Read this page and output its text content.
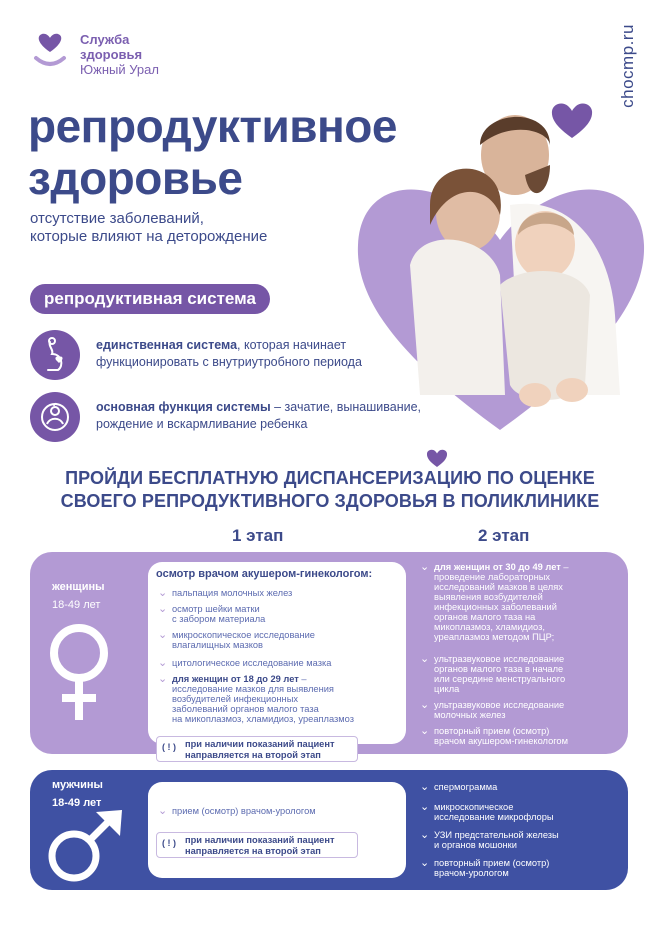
Служба
здоровья
Южный Урал	chocmp.ru
репродуктивное
здоровье
отсутствие заболеваний,
которые влияют на деторождение
репродуктивная система
единственная система, которая начинает
функционировать с внутриутробного периода
основная функция системы – зачатие, вынашивание,
рождение и вскармливание ребенка
ПРОЙДИ БЕСПЛАТНУЮ ДИСПАНСЕРИЗАЦИЮ ПО ОЦЕНКЕ
СВОЕГО РЕПРОДУКТИВНОГО ЗДОРОВЬЯ В ПОЛИКЛИНИКЕ
1 этап	2 этап
женщины
18-49 лет
осмотр врачом акушером-гинекологом:
⌄ пальпация молочных желез
⌄ осмотр шейки матки
с забором материала
⌄ микроскопическое исследование
влагалищных мазков
⌄ цитологическое исследование мазка
⌄ для женщин от 18 до 29 лет –
исследование мазков для выявления
возбудителей инфекционных
заболеваний органов малого таза
на микоплазмоз, хламидиоз, уреаплазмоз
( ! ) при наличии показаний пациент
направляется на второй этап
⌄ для женщин от 30 до 49 лет –
проведение лабораторных
исследований мазков в целях
выявления возбудителей
инфекционных заболеваний
органов малого таза на
микоплазмоз, хламидиоз,
уреаплазмоз методом ПЦР;
⌄ ультразвуковое исследование
органов малого таза в начале
или середине менструального
цикла
⌄ ультразвуковое исследование
молочных желез
⌄ повторный прием (осмотр)
врачом акушером-гинекологом
мужчины
18-49 лет
⌄ прием (осмотр) врачом-урологом
( ! ) при наличии показаний пациент
направляется на второй этап
⌄ спермограмма
⌄ микроскопическое
исследование микрофлоры
⌄ УЗИ предстательной железы
и органов мошонки
⌄ повторный прием (осмотр)
врачом-урологом
